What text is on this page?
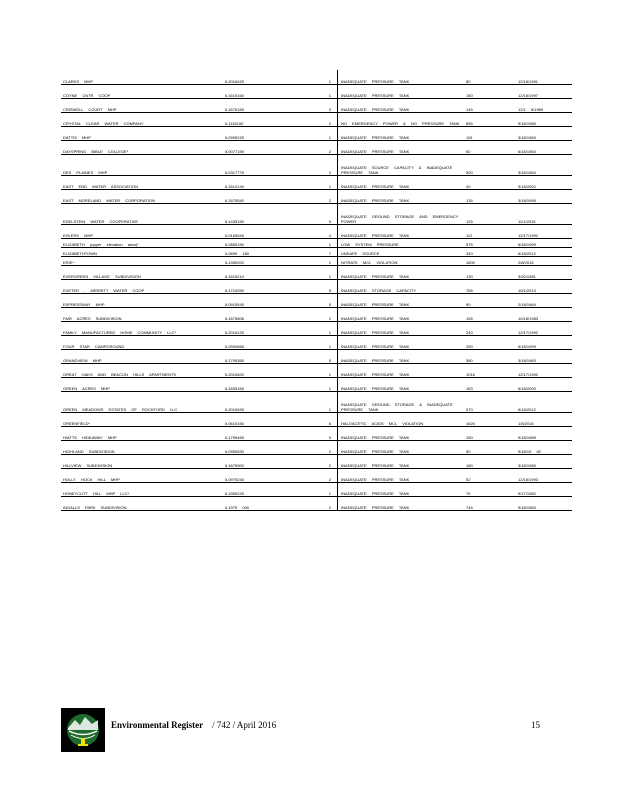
CLARKS MHP	IL2016425	1	INADEQUATE PRESSURE TANK	80	12/18/1991
COYNE CNTR COOP	IL1615160	1	INADEQUATE PRESSURE TANK	150	12/18/1997
CRISWELL COURT MHP	IL1676165	3	INADEQUATE PRESSURE TANK	145	12/1 5/1989
CRYSTAL CLEAR WATER COMPANY	IL1115150	2	NO EMERGENCY POWER & NO PRESSURE TANK	855	9/16/1985
DATTIS MHP	IL0995225	1	INADEQUATE PRESSURE TANK	115	3/18/1983
DAYSPRING BIBLE COLLEGE*	IL0077159	2	INADEQUATE PRESSURE TANK	60	6/18/1983
DES PLAINES MHP	IL0317775	2	INADEQUATE SOURCE CAPACITY & INADEQUATE PRESSURE TANK	500	3/16/1984
EAST END WATER ASSOCIATION	IL1610140	1	INADEQUATE PRESSURE TANK	40	3/18/2002
EAST MORELAND WATER CORPORATION	IL1675540	2	INADEQUATE PRESSURE TANK	135	3/18/1995
EDELSTEIN WATER COOPERATIVE	IL1435150	5	INADEQUATE GROUND STORAGE AND EMERGENCY POWER	125	11/1/2015
EHLERS MHP	IL0165545	4	INADEQUATE PRESSURE TANK	112	12/17/1992
ELIZABETH (upper elevation area)*	IL0850150	1	LOW SYSTEM PRESSURE	575	6/18/1999
ELIZABETHTOWN	IL0690 180	7	UNSAFE SOURCE	340	6/18/2012
ERIE*	IL1950200	1	NITRATE MCL VIOLATION	1600	2/8/2016
EVERGREEN VILLAGE SUBDIVISION	IL1615210	1	INADEQUATE PRESSURE TANK	130	3/20/1981
EXETER - MERRITT WATER COOP	IL1710050	5	INADEQUATE STORAGE CAPACITY	765	10/1/2013
EXPRESSWAY MHP	IL0915545	5	INADEQUATE PRESSURE TANK	90	2/18/1984
FAIR ACRES SUBDIVISION	IL1675808	2	INADEQUATE PRESSURE TANK	155	10/18/1983
FAMILY MANUFACTURED HOME COMMUNITY LLC*	IL2016125	1	INADEQUATE PRESSURE TANK	240	12/17/1992
FOUR STAR CAMPGROUND	IL0990868	1	INADEQUATE PRESSURE TANK	250	6/18/1999
GRANDVIEW MHP	IL1795365	5	INADEQUATE PRESSURE TANK	380	3/18/1983
GREAT OAKS AND BEACON HILLS APARTMENTS	IL2015400	1	INADEQUATE PRESSURE TANK	1016	12/17/1992
GREEN ACRES MHP	IL1835165	1	INADEQUATE PRESSURE TANK	163	6/18/2000
GREEN MEADOWS ESTATES OF ROCKFORD LLC	IL2015495	1	INADEQUATE GROUND STORAGE & INADEQUATE PRESSURE TANK	970	6/18/2012
GREENFIELD*	IL0610150	6	HALOACETIC ACIDS MCL VIOLATION	1620	1/5/2016
HIATTS HIDEAWAY MHP	IL1795465	5	INADEQUATE PRESSURE TANK	150	9/18/1989
HIGHLAND SUBDIVISION	IL0955530	2	INADEQUATE PRESSURE TANK	50	9/18/19 82
HILLVIEW SUBDIVISION	IL1675900	2	INADEQUATE PRESSURE TANK	180	3/18/1985
HOLLY HOCK HILL MHP	IL0975245	2	INADEQUATE PRESSURE TANK	52	12/18/1993
HONEYCUTT HILL MHP LLC*	IL1955225	1	INADEQUATE PRESSURE TANK	75	9/17/1982
INGALLS PARK SUBDIVISION	IL1975 000	2	INADEQUATE PRESSURE TANK	745	9/18/1983
Environmental Register / 742 / April 2016	15
